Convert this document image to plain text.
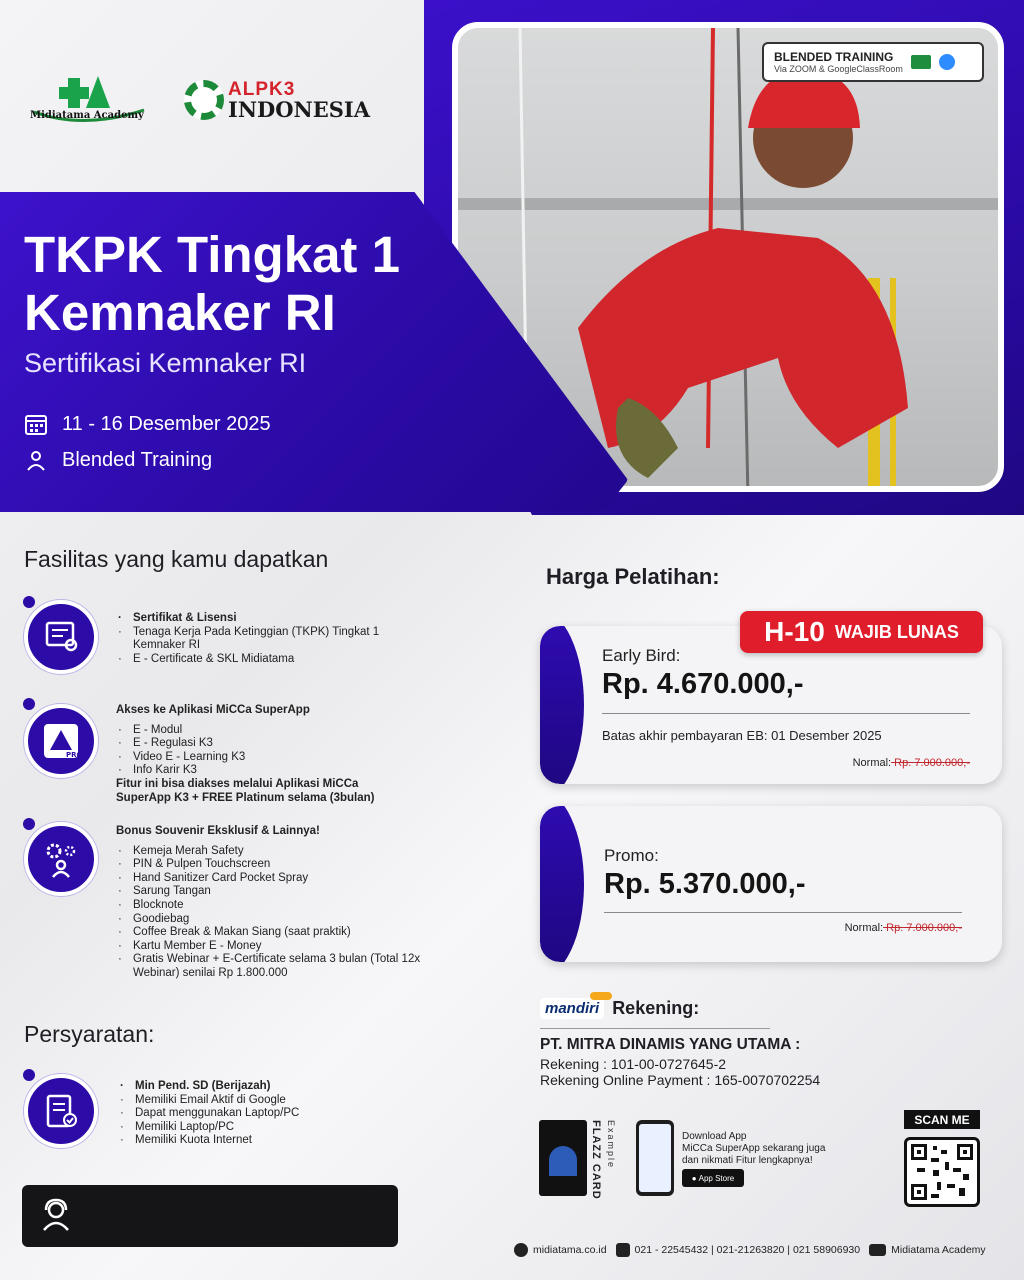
BLENDED TRAINING
Via ZOOM & GoogleClassRoom
Midiatama Academy
ALPK3
INDONESIA
TKPK Tingkat 1
Kemnaker RI
Sertifikasi Kemnaker RI
11 - 16 Desember 2025
Blended Training
Fasilitas yang kamu dapatkan
· Sertifikat & Lisensi
· Tenaga Kerja Pada Ketinggian (TKPK) Tingkat 1
Kemnaker RI
· E - Certificate & SKL Midiatama
PRO
Akses ke Aplikasi MiCCa SuperApp
· E - Modul
· E - Regulasi K3
· Video E - Learning K3
· Info Karir K3
Fitur ini bisa diakses melalui Aplikasi MiCCa
SuperApp K3 + FREE Platinum selama (3bulan)
Bonus Souvenir Eksklusif & Lainnya!
· Kemeja Merah Safety
· PIN & Pulpen Touchscreen
· Hand Sanitizer Card Pocket Spray
· Sarung Tangan
· Blocknote
· Goodiebag
· Coffee Break & Makan Siang (saat praktik)
· Kartu Member E - Money
· Gratis Webinar + E-Certificate selama 3 bulan (Total 12x
Webinar) senilai Rp 1.800.000
Persyaratan:
· Min Pend. SD (Berijazah)
· Memiliki Email Aktif di Google
· Dapat menggunakan Laptop/PC
· Memiliki Laptop/PC
· Memiliki Kuota Internet
Harga Pelatihan:
Early Bird:
Rp. 4.670.000,-
Batas akhir pembayaran EB: 01 Desember 2025
Normal: Rp. 7.000.000,-
H-10 WAJIB LUNAS
Promo:
Rp. 5.370.000,-
Normal: Rp. 7.000.000,-
mandiri Rekening:
PT. MITRA DINAMIS YANG UTAMA :
Rekening : 101-00-0727645-2
Rekening Online Payment : 165-0070702254
FLAZZ CARD Example	Download App
MiCCa SuperApp sekarang juga
dan nikmati Fitur lengkapnya!
● App Store
SCAN ME
midiatama.co.id	021 - 22545432 | 021-21263820 | 021 58906930	Midiatama Academy
